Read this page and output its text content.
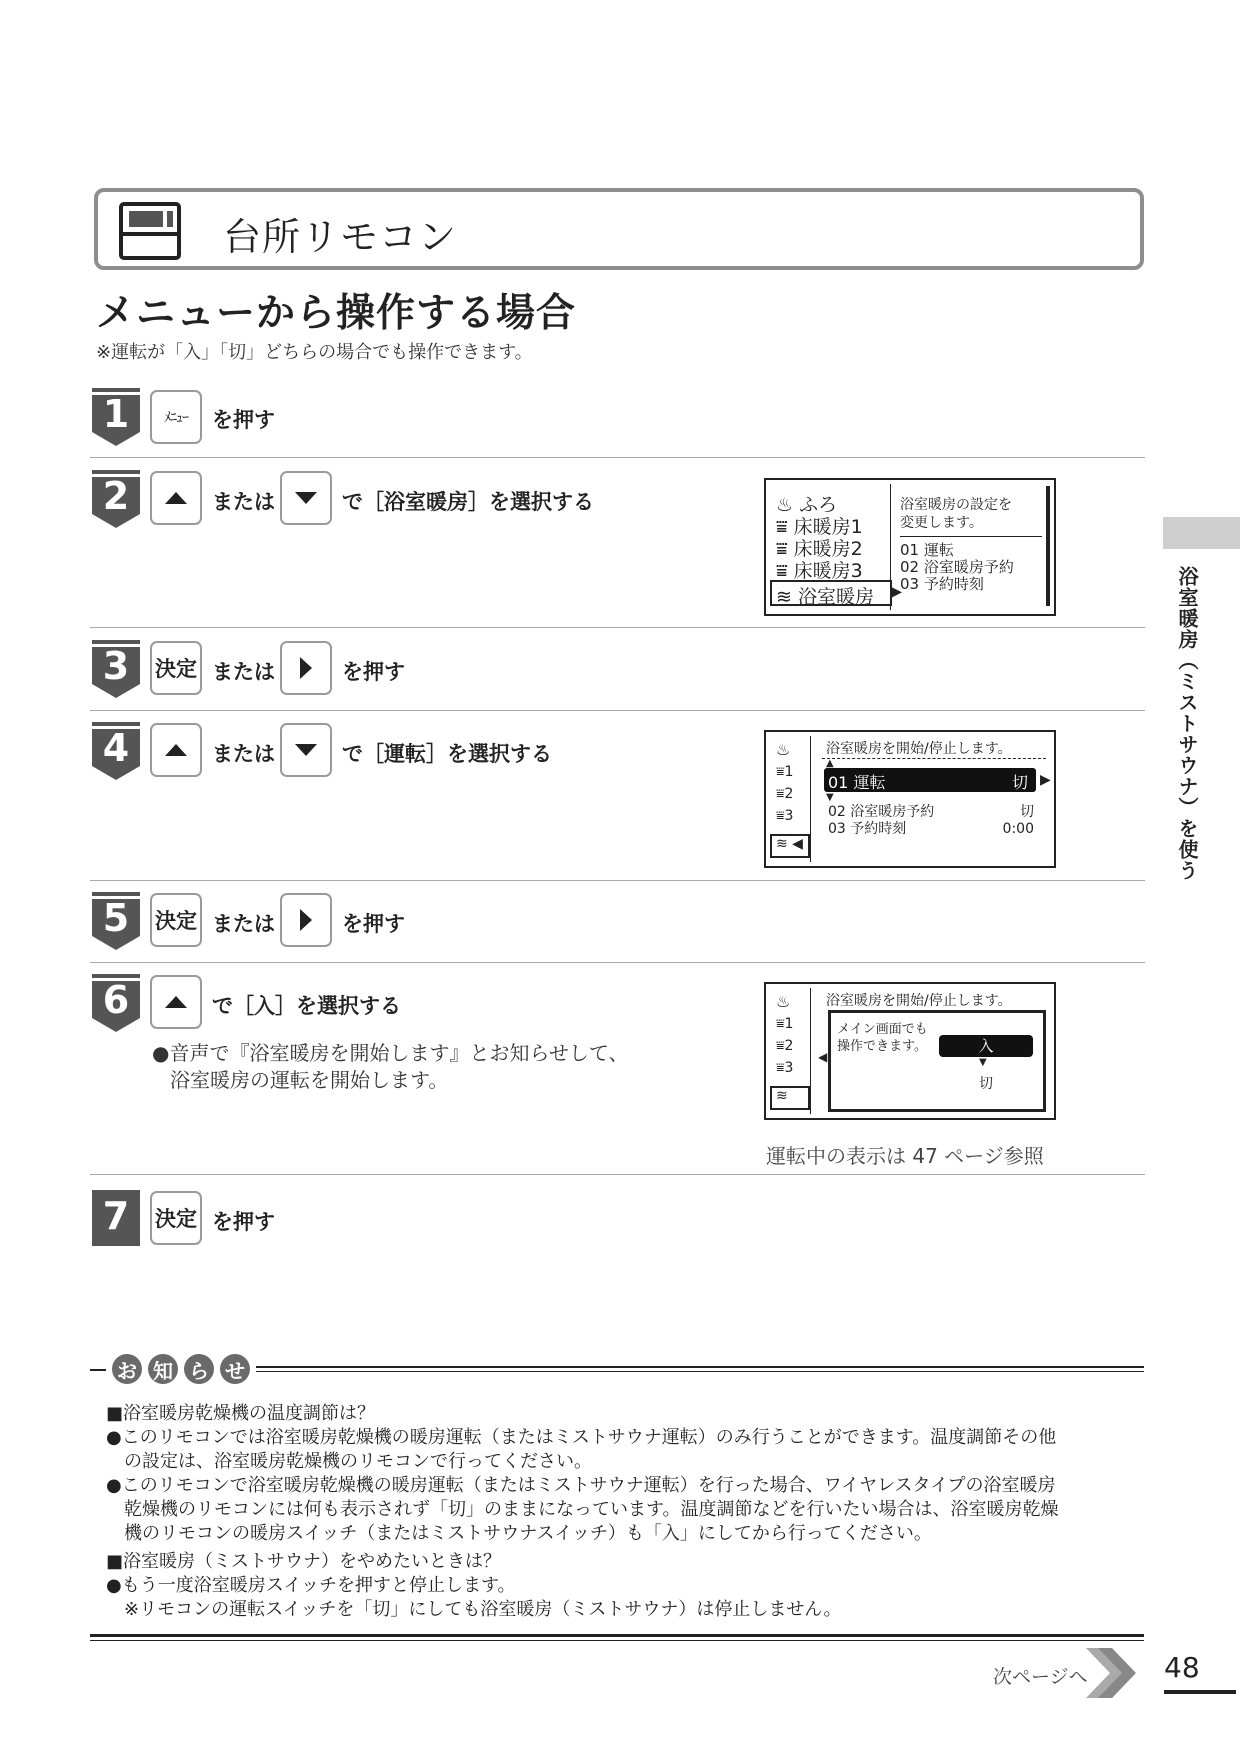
台所リモコン
メニューから操作する場合
※運転が「入」「切」どちらの場合でも操作できます。
1	ﾒﾆｭｰ	を押す
2	または	で［浴室暖房］を選択する	♨ ふろ
⩸ 床暖房1
⩸ 床暖房2
⩸ 床暖房3
≋ 浴室暖房 ▶
浴室暖房の設定を
変更します。
01 運転
02 浴室暖房予約
03 予約時刻
3	決定 または	を押す
4	または	で［運転］を選択する	♨
⩸1
⩸2
⩸3
≋ ◀
浴室暖房を開始/停止します。
01 運転	切 ▶
▲
▼
02 浴室暖房予約	切
03 予約時刻	0:00
5	決定 または	を押す
6	で［入］を選択する
●音声で『浴室暖房を開始します』とお知らせして、
浴室暖房の運転を開始します。
♨
⩸1
⩸2
⩸3
≋
浴室暖房を開始/停止します。
メイン画面でも
操作できます。	入
▼
切
◀
運転中の表示は 47 ページ参照
7	決定 を押す
浴室暖房（ミストサウナ）を使う
お 知 ら せ
■浴室暖房乾燥機の温度調節は？
●このリモコンでは浴室暖房乾燥機の暖房運転（またはミストサウナ運転）のみ行うことができます。温度調節その他
の設定は、浴室暖房乾燥機のリモコンで行ってください。
●このリモコンで浴室暖房乾燥機の暖房運転（またはミストサウナ運転）を行った場合、ワイヤレスタイプの浴室暖房
乾燥機のリモコンには何も表示されず「切」のままになっています。温度調節などを行いたい場合は、浴室暖房乾燥
機のリモコンの暖房スイッチ（またはミストサウナスイッチ）も「入」にしてから行ってください。
■浴室暖房（ミストサウナ）をやめたいときは？
●もう一度浴室暖房スイッチを押すと停止します。
※リモコンの運転スイッチを「切」にしても浴室暖房（ミストサウナ）は停止しません。
次ページへ	48
